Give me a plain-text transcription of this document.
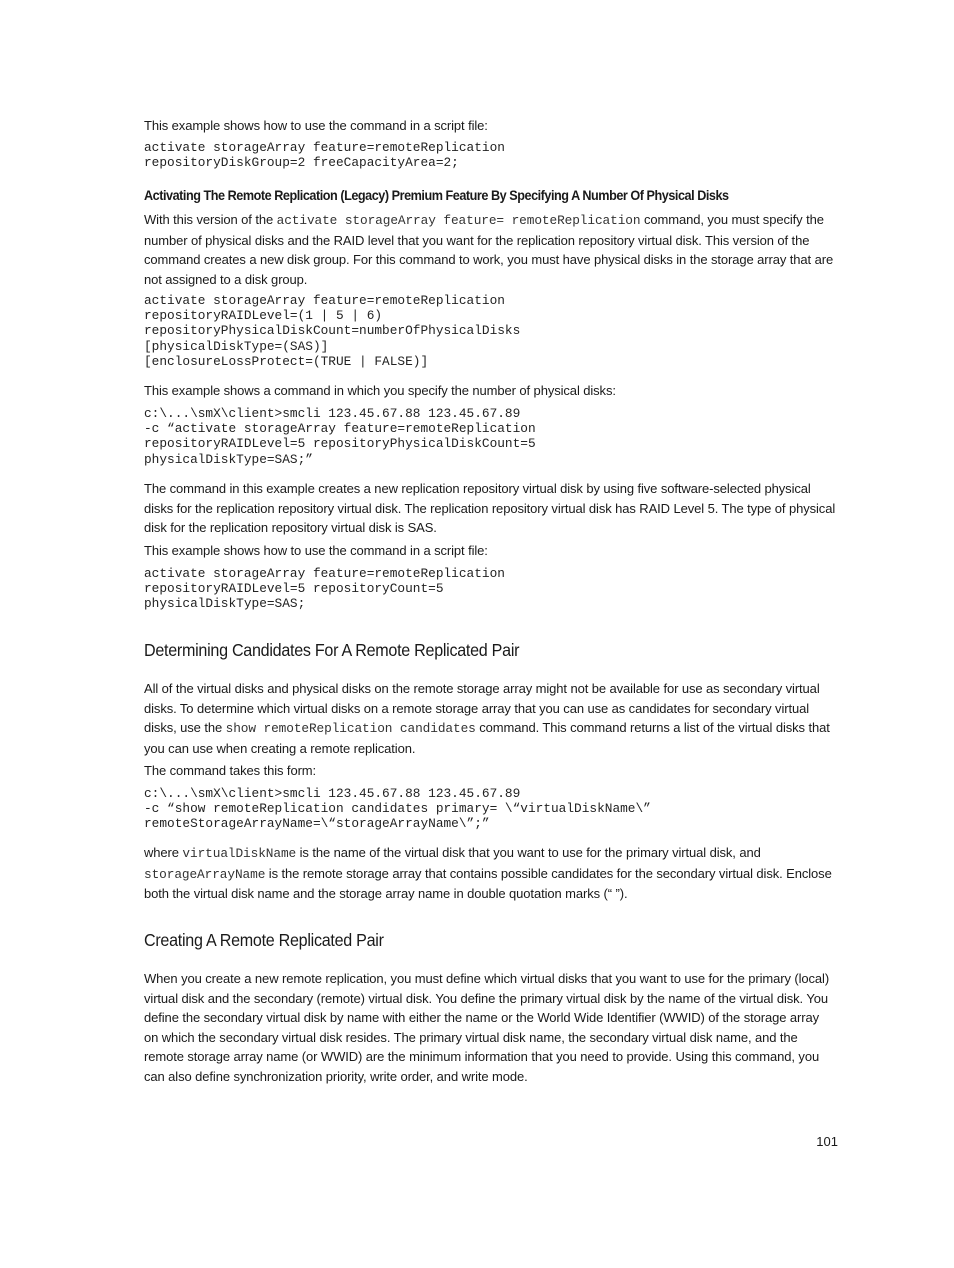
This example shows how to use the command in a script file:

activate storageArray feature=remoteReplication
repositoryDiskGroup=2 freeCapacityArea=2;
Activating The Remote Replication (Legacy) Premium Feature By Specifying A Number Of Physical Disks

With this version of the activate storageArray feature= remoteReplication command, you must specify the number of physical disks and the RAID level that you want for the replication repository virtual disk. This version of the command creates a new disk group. For this command to work, you must have physical disks in the storage array that are not assigned to a disk group.

activate storageArray feature=remoteReplication
repositoryRAIDLevel=(1 | 5 | 6)
repositoryPhysicalDiskCount=numberOfPhysicalDisks
[physicalDiskType=(SAS)]
[enclosureLossProtect=(TRUE | FALSE)]

This example shows a command in which you specify the number of physical disks:

c:\...\smX\client>smcli 123.45.67.88 123.45.67.89
-c “activate storageArray feature=remoteReplication
repositoryRAIDLevel=5 repositoryPhysicalDiskCount=5
physicalDiskType=SAS;”

The command in this example creates a new replication repository virtual disk by using five software-selected physical disks for the replication repository virtual disk. The replication repository virtual disk has RAID Level 5. The type of physical disk for the replication repository virtual disk is SAS.

This example shows how to use the command in a script file:

activate storageArray feature=remoteReplication
repositoryRAIDLevel=5 repositoryCount=5
physicalDiskType=SAS;
Determining Candidates For A Remote Replicated Pair

All of the virtual disks and physical disks on the remote storage array might not be available for use as secondary virtual disks. To determine which virtual disks on a remote storage array that you can use as candidates for secondary virtual disks, use the show remoteReplication candidates command. This command returns a list of the virtual disks that you can use when creating a remote replication.

The command takes this form:

c:\...\smX\client>smcli 123.45.67.88 123.45.67.89
-c “show remoteReplication candidates primary= \“virtualDiskName\”
remoteStorageArrayName=\“storageArrayName\”;”

where virtualDiskName is the name of the virtual disk that you want to use for the primary virtual disk, and storageArrayName is the remote storage array that contains possible candidates for the secondary virtual disk. Enclose both the virtual disk name and the storage array name in double quotation marks (“ ”).

Creating A Remote Replicated Pair

When you create a new remote replication, you must define which virtual disks that you want to use for the primary (local) virtual disk and the secondary (remote) virtual disk. You define the primary virtual disk by the name of the virtual disk. You define the secondary virtual disk by name with either the name or the World Wide Identifier (WWID) of the storage array on which the secondary virtual disk resides. The primary virtual disk name, the secondary virtual disk name, and the remote storage array name (or WWID) are the minimum information that you need to provide. Using this command, you can also define synchronization priority, write order, and write mode.

101
